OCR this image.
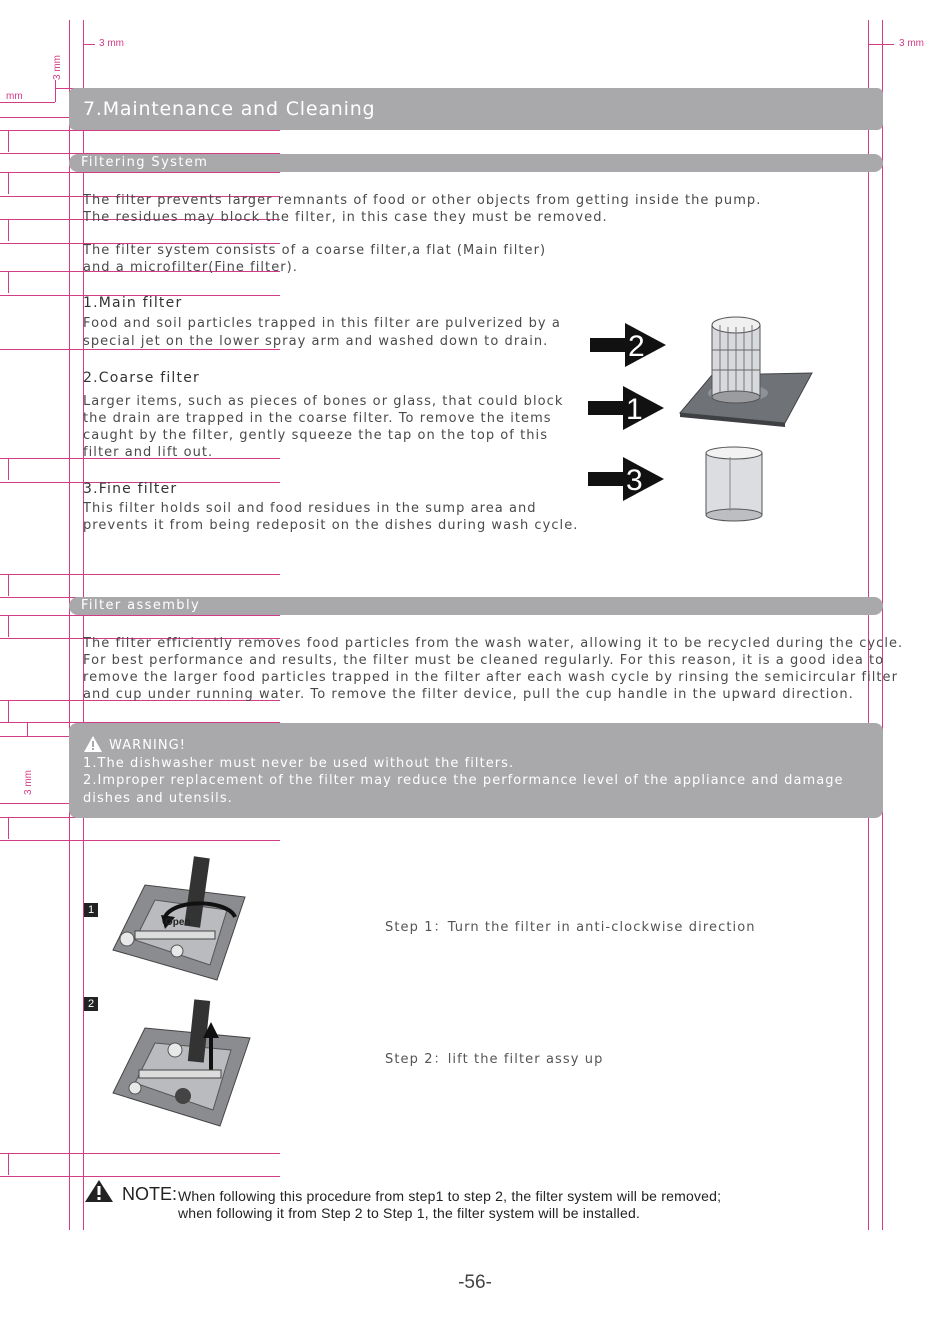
3 mm	3 mm
3 mm
mm
3 mm
7.Maintenance and Cleaning
Filtering System
The filter prevents larger remnants of food or other objects from getting inside the pump.
The residues may block the filter, in this case they must be removed.
The filter system consists of a coarse filter,a flat (Main filter)
and a microfilter(Fine filter).
1.Main filter
Food and soil particles trapped in this filter are pulverized by a
special jet on the lower spray arm and washed down to drain.
2.Coarse filter
Larger items, such as pieces of bones or glass, that could block
the drain are trapped in the coarse filter. To remove the items
caught by the filter, gently squeeze the tap on the top of this
filter and lift out.
3.Fine filter
This filter holds soil and food residues in the sump area and
prevents it from being redeposit on the dishes during wash cycle.
2
1
3
Filter assembly
The filter efficiently removes food particles from the wash water, allowing it to be recycled during the cycle.
For best performance and results, the filter must be cleaned regularly. For this reason, it is a good idea to
remove the larger food particles trapped in the filter after each wash cycle by rinsing the semicircular filter
and cup under running water. To remove the filter device, pull the cup handle in the upward direction.
WARNING!
1.The dishwasher must never be used without the filters.
2.Improper replacement of the filter may reduce the performance level of the appliance and damage
dishes and utensils.
1
Open	Step 1：Turn the filter in anti-clockwise direction
2
Step 2：lift the filter assy up
NOTE: When following this procedure from step1 to step 2, the filter system will be removed;
when following it from Step 2 to Step 1, the filter system will be installed.
-56-
